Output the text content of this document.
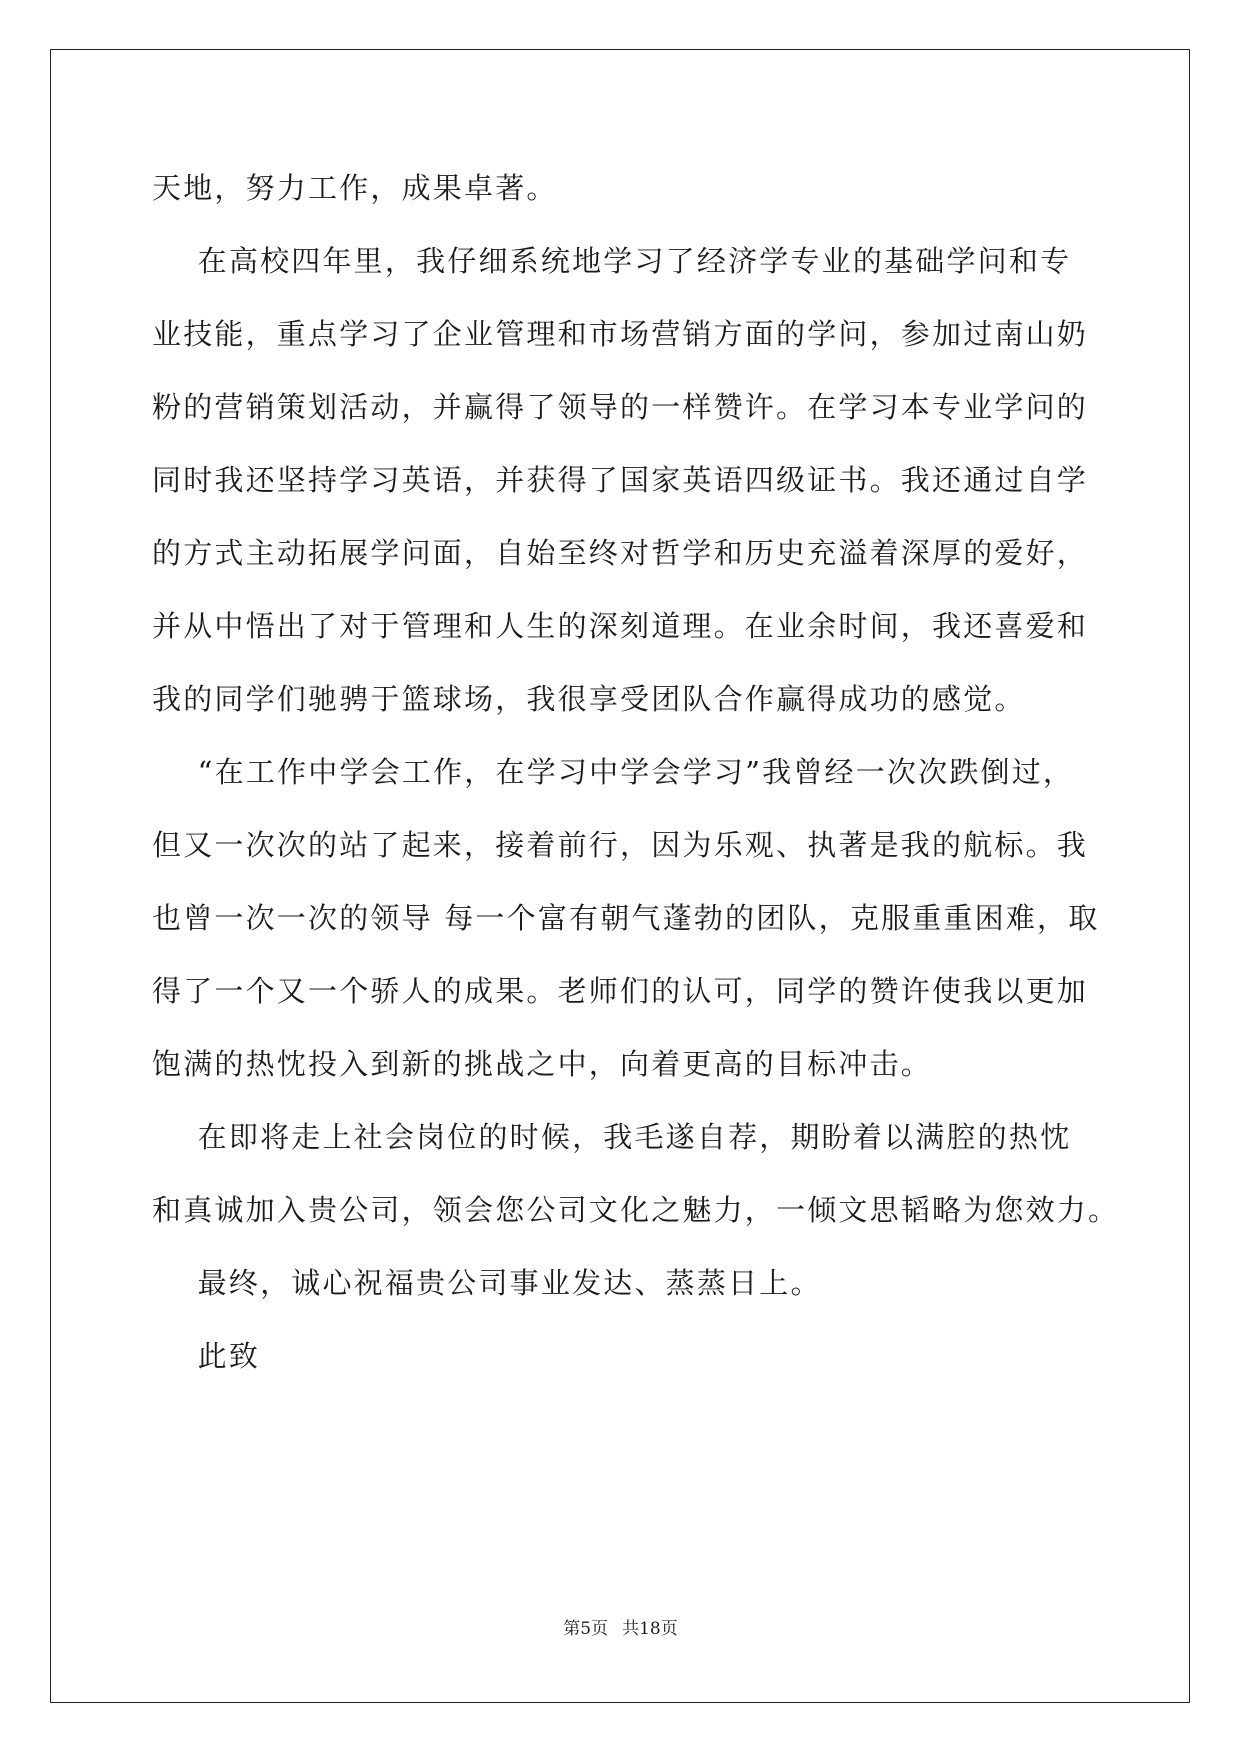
天地，努力工作，成果卓著。
在高校四年里，我仔细系统地学习了经济学专业的基础学问和专
业技能，重点学习了企业管理和市场营销方面的学问，参加过南山奶
粉的营销策划活动，并赢得了领导的一样赞许。在学习本专业学问的
同时我还坚持学习英语，并获得了国家英语四级证书。我还通过自学
的方式主动拓展学问面，自始至终对哲学和历史充溢着深厚的爱好，
并从中悟出了对于管理和人生的深刻道理。在业余时间，我还喜爱和
我的同学们驰骋于篮球场，我很享受团队合作赢得成功的感觉。
“在工作中学会工作，在学习中学会学习”我曾经一次次跌倒过，
但又一次次的站了起来，接着前行，因为乐观、执著是我的航标。我
也曾一次一次的领导 每一个富有朝气蓬勃的团队，克服重重困难，取
得了一个又一个骄人的成果。老师们的认可，同学的赞许使我以更加
饱满的热忱投入到新的挑战之中，向着更高的目标冲击。
在即将走上社会岗位的时候，我毛遂自荐，期盼着以满腔的热忱
和真诚加入贵公司，领会您公司文化之魅力，一倾文思韬略为您效力。
最终，诚心祝福贵公司事业发达、蒸蒸日上。
此致
第5页 共18页
